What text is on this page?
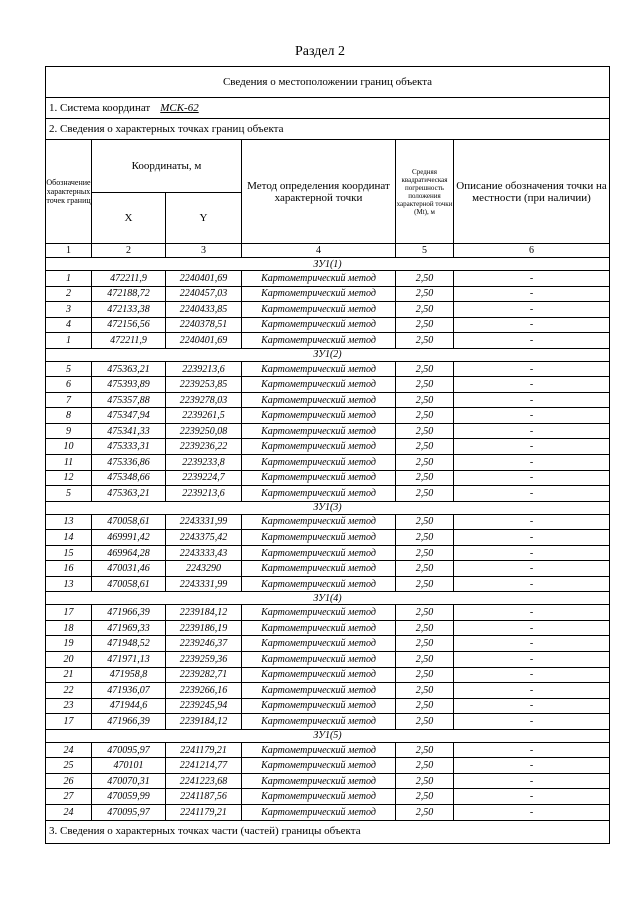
Раздел 2
Сведения о местоположении границ объекта					
1. Система координат МСК-62					
2. Сведения о характерных точках границ объекта					
Обозначение характерных точек границ	Координаты, м		Метод определения координат характерной точки	Средняя квадратическая погрешность положения характерной точки (Mt), м	Описание обозначения точки на местности (при наличии)
	X	Y			
1	2	3	4	5	6
ЗУ1(1)					
1	472211,9	2240401,69	Картометрический метод	2,50	-
2	472188,72	2240457,03	Картометрический метод	2,50	-
3	472133,38	2240433,85	Картометрический метод	2,50	-
4	472156,56	2240378,51	Картометрический метод	2,50	-
1	472211,9	2240401,69	Картометрический метод	2,50	-
ЗУ1(2)					
5	475363,21	2239213,6	Картометрический метод	2,50	-
6	475393,89	2239253,85	Картометрический метод	2,50	-
7	475357,88	2239278,03	Картометрический метод	2,50	-
8	475347,94	2239261,5	Картометрический метод	2,50	-
9	475341,33	2239250,08	Картометрический метод	2,50	-
10	475333,31	2239236,22	Картометрический метод	2,50	-
11	475336,86	2239233,8	Картометрический метод	2,50	-
12	475348,66	2239224,7	Картометрический метод	2,50	-
5	475363,21	2239213,6	Картометрический метод	2,50	-
ЗУ1(3)					
13	470058,61	2243331,99	Картометрический метод	2,50	-
14	469991,42	2243375,42	Картометрический метод	2,50	-
15	469964,28	2243333,43	Картометрический метод	2,50	-
16	470031,46	2243290	Картометрический метод	2,50	-
13	470058,61	2243331,99	Картометрический метод	2,50	-
ЗУ1(4)					
17	471966,39	2239184,12	Картометрический метод	2,50	-
18	471969,33	2239186,19	Картометрический метод	2,50	-
19	471948,52	2239246,37	Картометрический метод	2,50	-
20	471971,13	2239259,36	Картометрический метод	2,50	-
21	471958,8	2239282,71	Картометрический метод	2,50	-
22	471936,07	2239266,16	Картометрический метод	2,50	-
23	471944,6	2239245,94	Картометрический метод	2,50	-
17	471966,39	2239184,12	Картометрический метод	2,50	-
ЗУ1(5)					
24	470095,97	2241179,21	Картометрический метод	2,50	-
25	470101	2241214,77	Картометрический метод	2,50	-
26	470070,31	2241223,68	Картометрический метод	2,50	-
27	470059,99	2241187,56	Картометрический метод	2,50	-
24	470095,97	2241179,21	Картометрический метод	2,50	-
3. Сведения о характерных точках части (частей) границы объекта					
